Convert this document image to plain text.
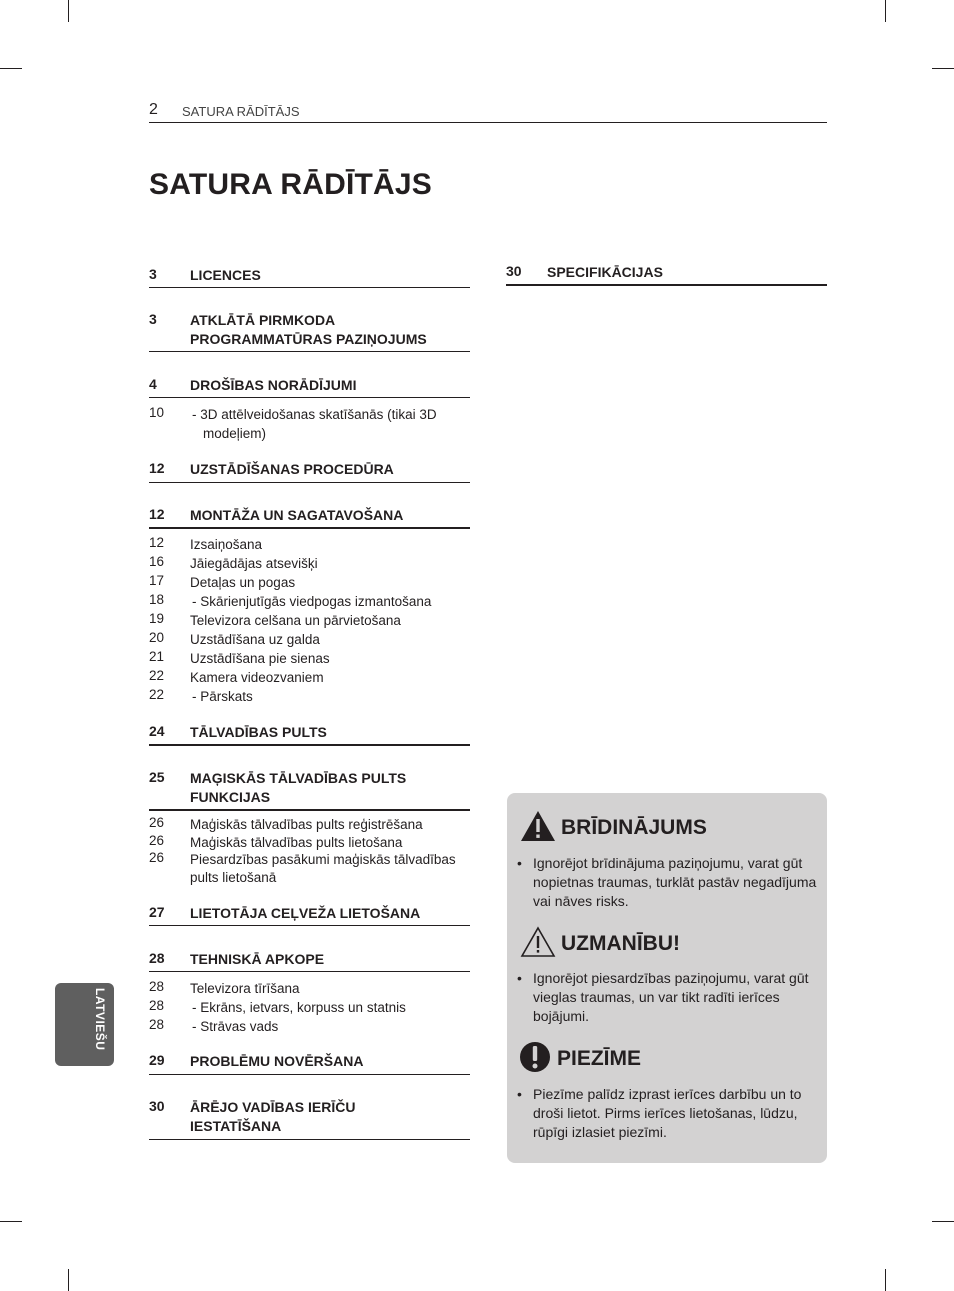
2 SATURA RĀDĪTĀJS
SATURA RĀDĪTĀJS
3 LICENCES
3 ATKLĀTĀ PIRMKODA
PROGRAMMATŪRAS PAZIŅOJUMS
4 DROŠĪBAS NORĀDĪJUMI
10 - 3D attēlveidošanas skatīšanās (tikai 3D
modeļiem)
12 UZSTĀDĪŠANAS PROCEDŪRA
12 MONTĀŽA UN SAGATAVOŠANA
12 Izsaiņošana
16 Jāiegādājas atsevišķi
17 Detaļas un pogas
18 - Skārienjutīgās viedpogas izmantošana
19 Televizora celšana un pārvietošana
20 Uzstādīšana uz galda
21 Uzstādīšana pie sienas
22 Kamera videozvaniem
22 - Pārskats
24 TĀLVADĪBAS PULTS
25 MAĢISKĀS TĀLVADĪBAS PULTS
FUNKCIJAS
26 Maģiskās tālvadības pults reģistrēšana
26 Maģiskās tālvadības pults lietošana
26 Piesardzības pasākumi maģiskās tālvadības
pults lietošanā
27 LIETOTĀJA CEĻVEŽA LIETOŠANA
28 TEHNISKĀ APKOPE
28 Televizora tīrīšana
28 - Ekrāns, ietvars, korpuss un statnis
28 - Strāvas vads
29 PROBLĒMU NOVĒRŠANA
30 ĀRĒJO VADĪBAS IERĪČU
IESTATĪŠANA
30 SPECIFIKĀCIJAS
LATVIEŠU
BRĪDINĀJUMS
• Ignorējot brīdinājuma paziņojumu, varat gūt nopietnas traumas, turklāt pastāv negadījuma vai nāves risks.
UZMANĪBU!
• Ignorējot piesardzības paziņojumu, varat gūt vieglas traumas, un var tikt radīti ierīces bojājumi.
PIEZĪME
• Piezīme palīdz izprast ierīces darbību un to droši lietot. Pirms ierīces lietošanas, lūdzu, rūpīgi izlasiet piezīmi.
